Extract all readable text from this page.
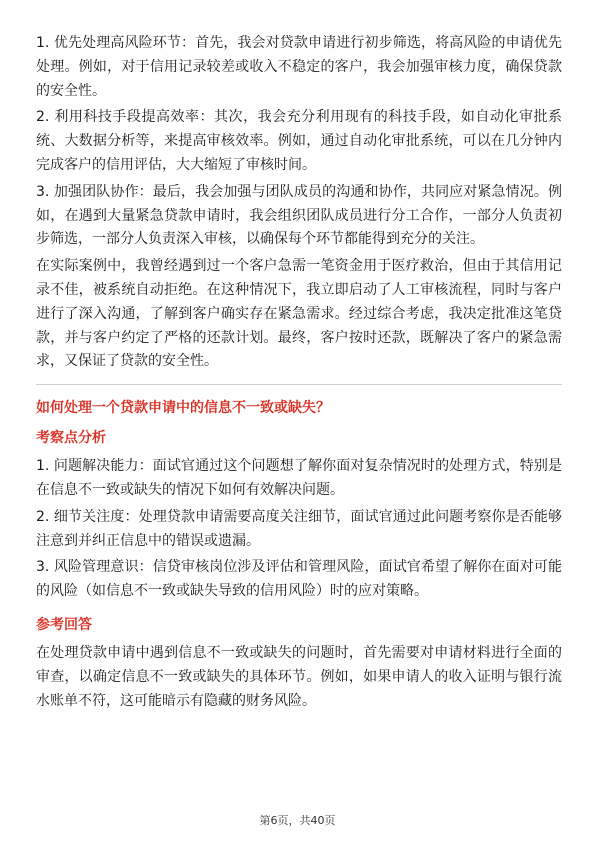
1. 优先处理高风险环节：首先，我会对贷款申请进行初步筛选，将高风险的申请优先处理。例如，对于信用记录较差或收入不稳定的客户，我会加强审核力度，确保贷款的安全性。

2. 利用科技手段提高效率：其次，我会充分利用现有的科技手段，如自动化审批系统、大数据分析等，来提高审核效率。例如，通过自动化审批系统，可以在几分钟内完成客户的信用评估，大大缩短了审核时间。

3. 加强团队协作：最后，我会加强与团队成员的沟通和协作，共同应对紧急情况。例如，在遇到大量紧急贷款申请时，我会组织团队成员进行分工合作，一部分人负责初步筛选，一部分人负责深入审核，以确保每个环节都能得到充分的关注。

在实际案例中，我曾经遇到过一个客户急需一笔资金用于医疗救治，但由于其信用记录不佳，被系统自动拒绝。在这种情况下，我立即启动了人工审核流程，同时与客户进行了深入沟通，了解到客户确实存在紧急需求。经过综合考虑，我决定批准这笔贷款，并与客户约定了严格的还款计划。最终，客户按时还款，既解决了客户的紧急需求，又保证了贷款的安全性。

如何处理一个贷款申请中的信息不一致或缺失？
考察点分析

1. 问题解决能力：面试官通过这个问题想了解你面对复杂情况时的处理方式，特别是在信息不一致或缺失的情况下如何有效解决问题。

2. 细节关注度：处理贷款申请需要高度关注细节，面试官通过此问题考察你是否能够注意到并纠正信息中的错误或遗漏。

3. 风险管理意识：信贷审核岗位涉及评估和管理风险，面试官希望了解你在面对可能的风险（如信息不一致或缺失导致的信用风险）时的应对策略。

参考回答

在处理贷款申请中遇到信息不一致或缺失的问题时，首先需要对申请材料进行全面的审查，以确定信息不一致或缺失的具体环节。例如，如果申请人的收入证明与银行流水账单不符，这可能暗示有隐藏的财务风险。

第6页，共40页
